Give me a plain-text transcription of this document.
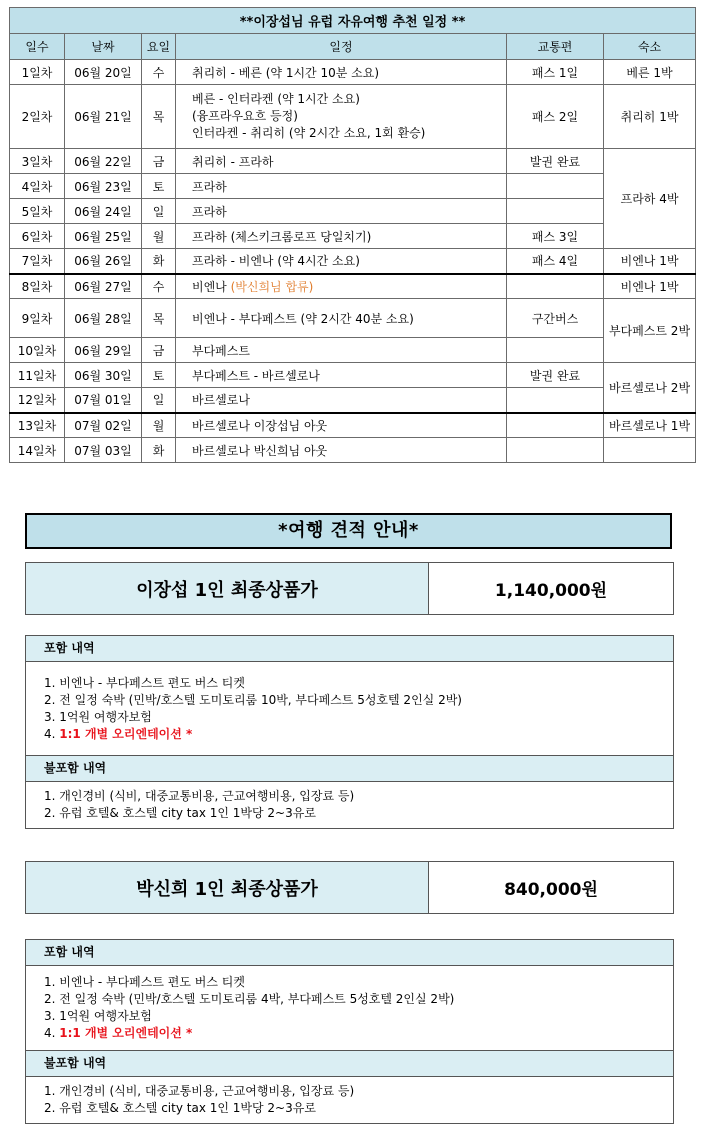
**이장섭님 유럽 자유여행 추천 일정 **					
일수	날짜	요일	일정	교통편	숙소
1일차	06월 20일	수	취리히 - 베른 (약 1시간 10분 소요)	패스 1일	베른 1박
2일차	06월 21일	목	베른 - 인터라켄 (약 1시간 소요)
(융프라우요흐 등정)
인터라켄 - 취리히 (약 2시간 소요, 1회 환승)	패스 2일	취리히 1박
3일차	06월 22일	금	취리히 - 프라하	발권 완료	프라하 4박
4일차	06월 23일	토	프라하		
5일차	06월 24일	일	프라하		
6일차	06월 25일	월	프라하 (체스키크롬로프 당일치기)	패스 3일	
7일차	06월 26일	화	프라하 - 비엔나 (약 4시간 소요)	패스 4일	비엔나 1박
8일차	06월 27일	수	비엔나 (박신희님 합류)		비엔나 1박
9일차	06월 28일	목	비엔나 - 부다페스트 (약 2시간 40분 소요)	구간버스	부다페스트 2박
10일차	06월 29일	금	부다페스트		
11일차	06월 30일	토	부다페스트 - 바르셀로나	발권 완료	바르셀로나 2박
12일차	07월 01일	일	바르셀로나		
13일차	07월 02일	월	바르셀로나 이장섭님 아웃		바르셀로나 1박
14일차	07월 03일	화	바르셀로나 박신희님 아웃		
*여행 견적 안내*
이장섭 1인 최종상품가	1,140,000원
포함 내역
1. 비엔나 - 부다페스트 편도 버스 티켓
2. 전 일정 숙박 (민박/호스텔 도미토리룸 10박, 부다페스트 5성호텔 2인실 2박)
3. 1억원 여행자보험
4. 1:1 개별 오리엔테이션 *
불포함 내역
1. 개인경비 (식비, 대중교통비용, 근교여행비용, 입장료 등)
2. 유럽 호텔& 호스텔 city tax 1인 1박당 2~3유로
박신희 1인 최종상품가	840,000원
포함 내역
1. 비엔나 - 부다페스트 편도 버스 티켓
2. 전 일정 숙박 (민박/호스텔 도미토리룸 4박, 부다페스트 5성호텔 2인실 2박)
3. 1억원 여행자보험
4. 1:1 개별 오리엔테이션 *
불포함 내역
1. 개인경비 (식비, 대중교통비용, 근교여행비용, 입장료 등)
2. 유럽 호텔& 호스텔 city tax 1인 1박당 2~3유로
